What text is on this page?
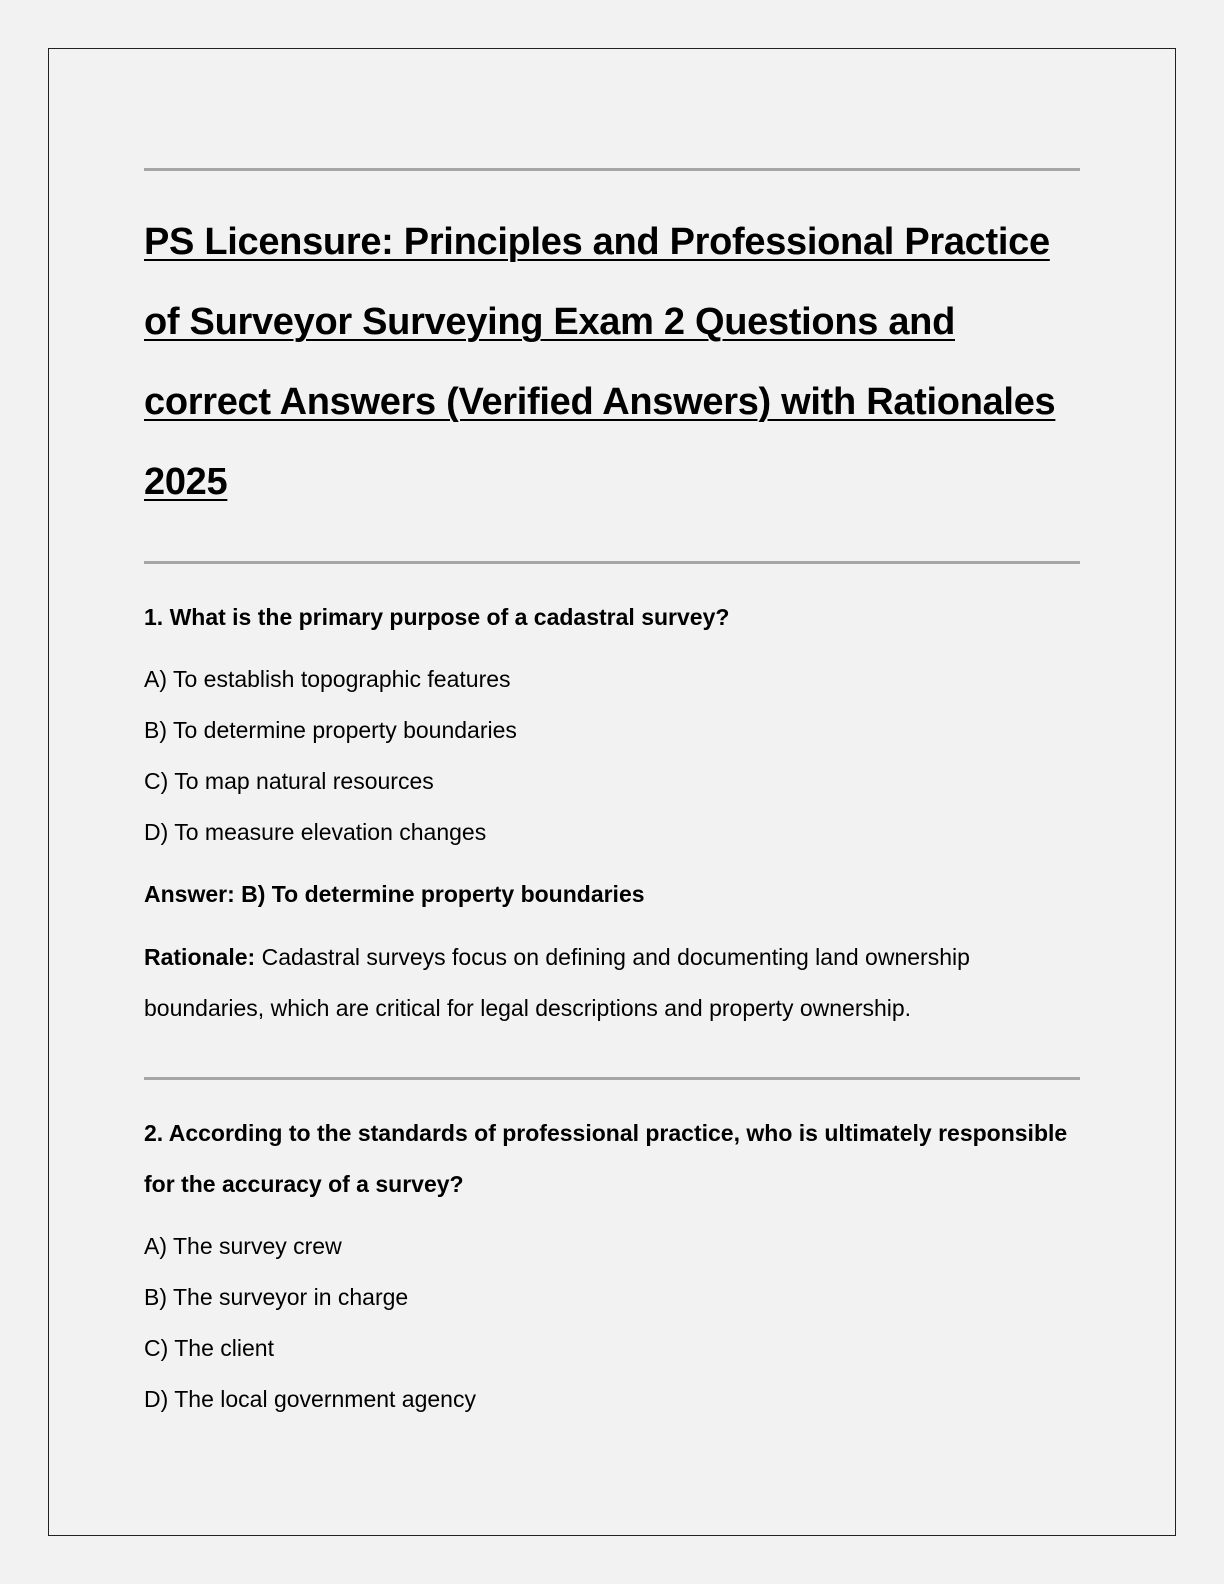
PS Licensure: Principles and Professional Practice of Surveyor Surveying Exam 2 Questions and correct Answers (Verified Answers) with Rationales 2025

1. What is the primary purpose of a cadastral survey?

A) To establish topographic features

B) To determine property boundaries

C) To map natural resources

D) To measure elevation changes

Answer: B) To determine property boundaries

Rationale: Cadastral surveys focus on defining and documenting land ownership boundaries, which are critical for legal descriptions and property ownership.

2. According to the standards of professional practice, who is ultimately responsible for the accuracy of a survey?

A) The survey crew

B) The surveyor in charge

C) The client

D) The local government agency
